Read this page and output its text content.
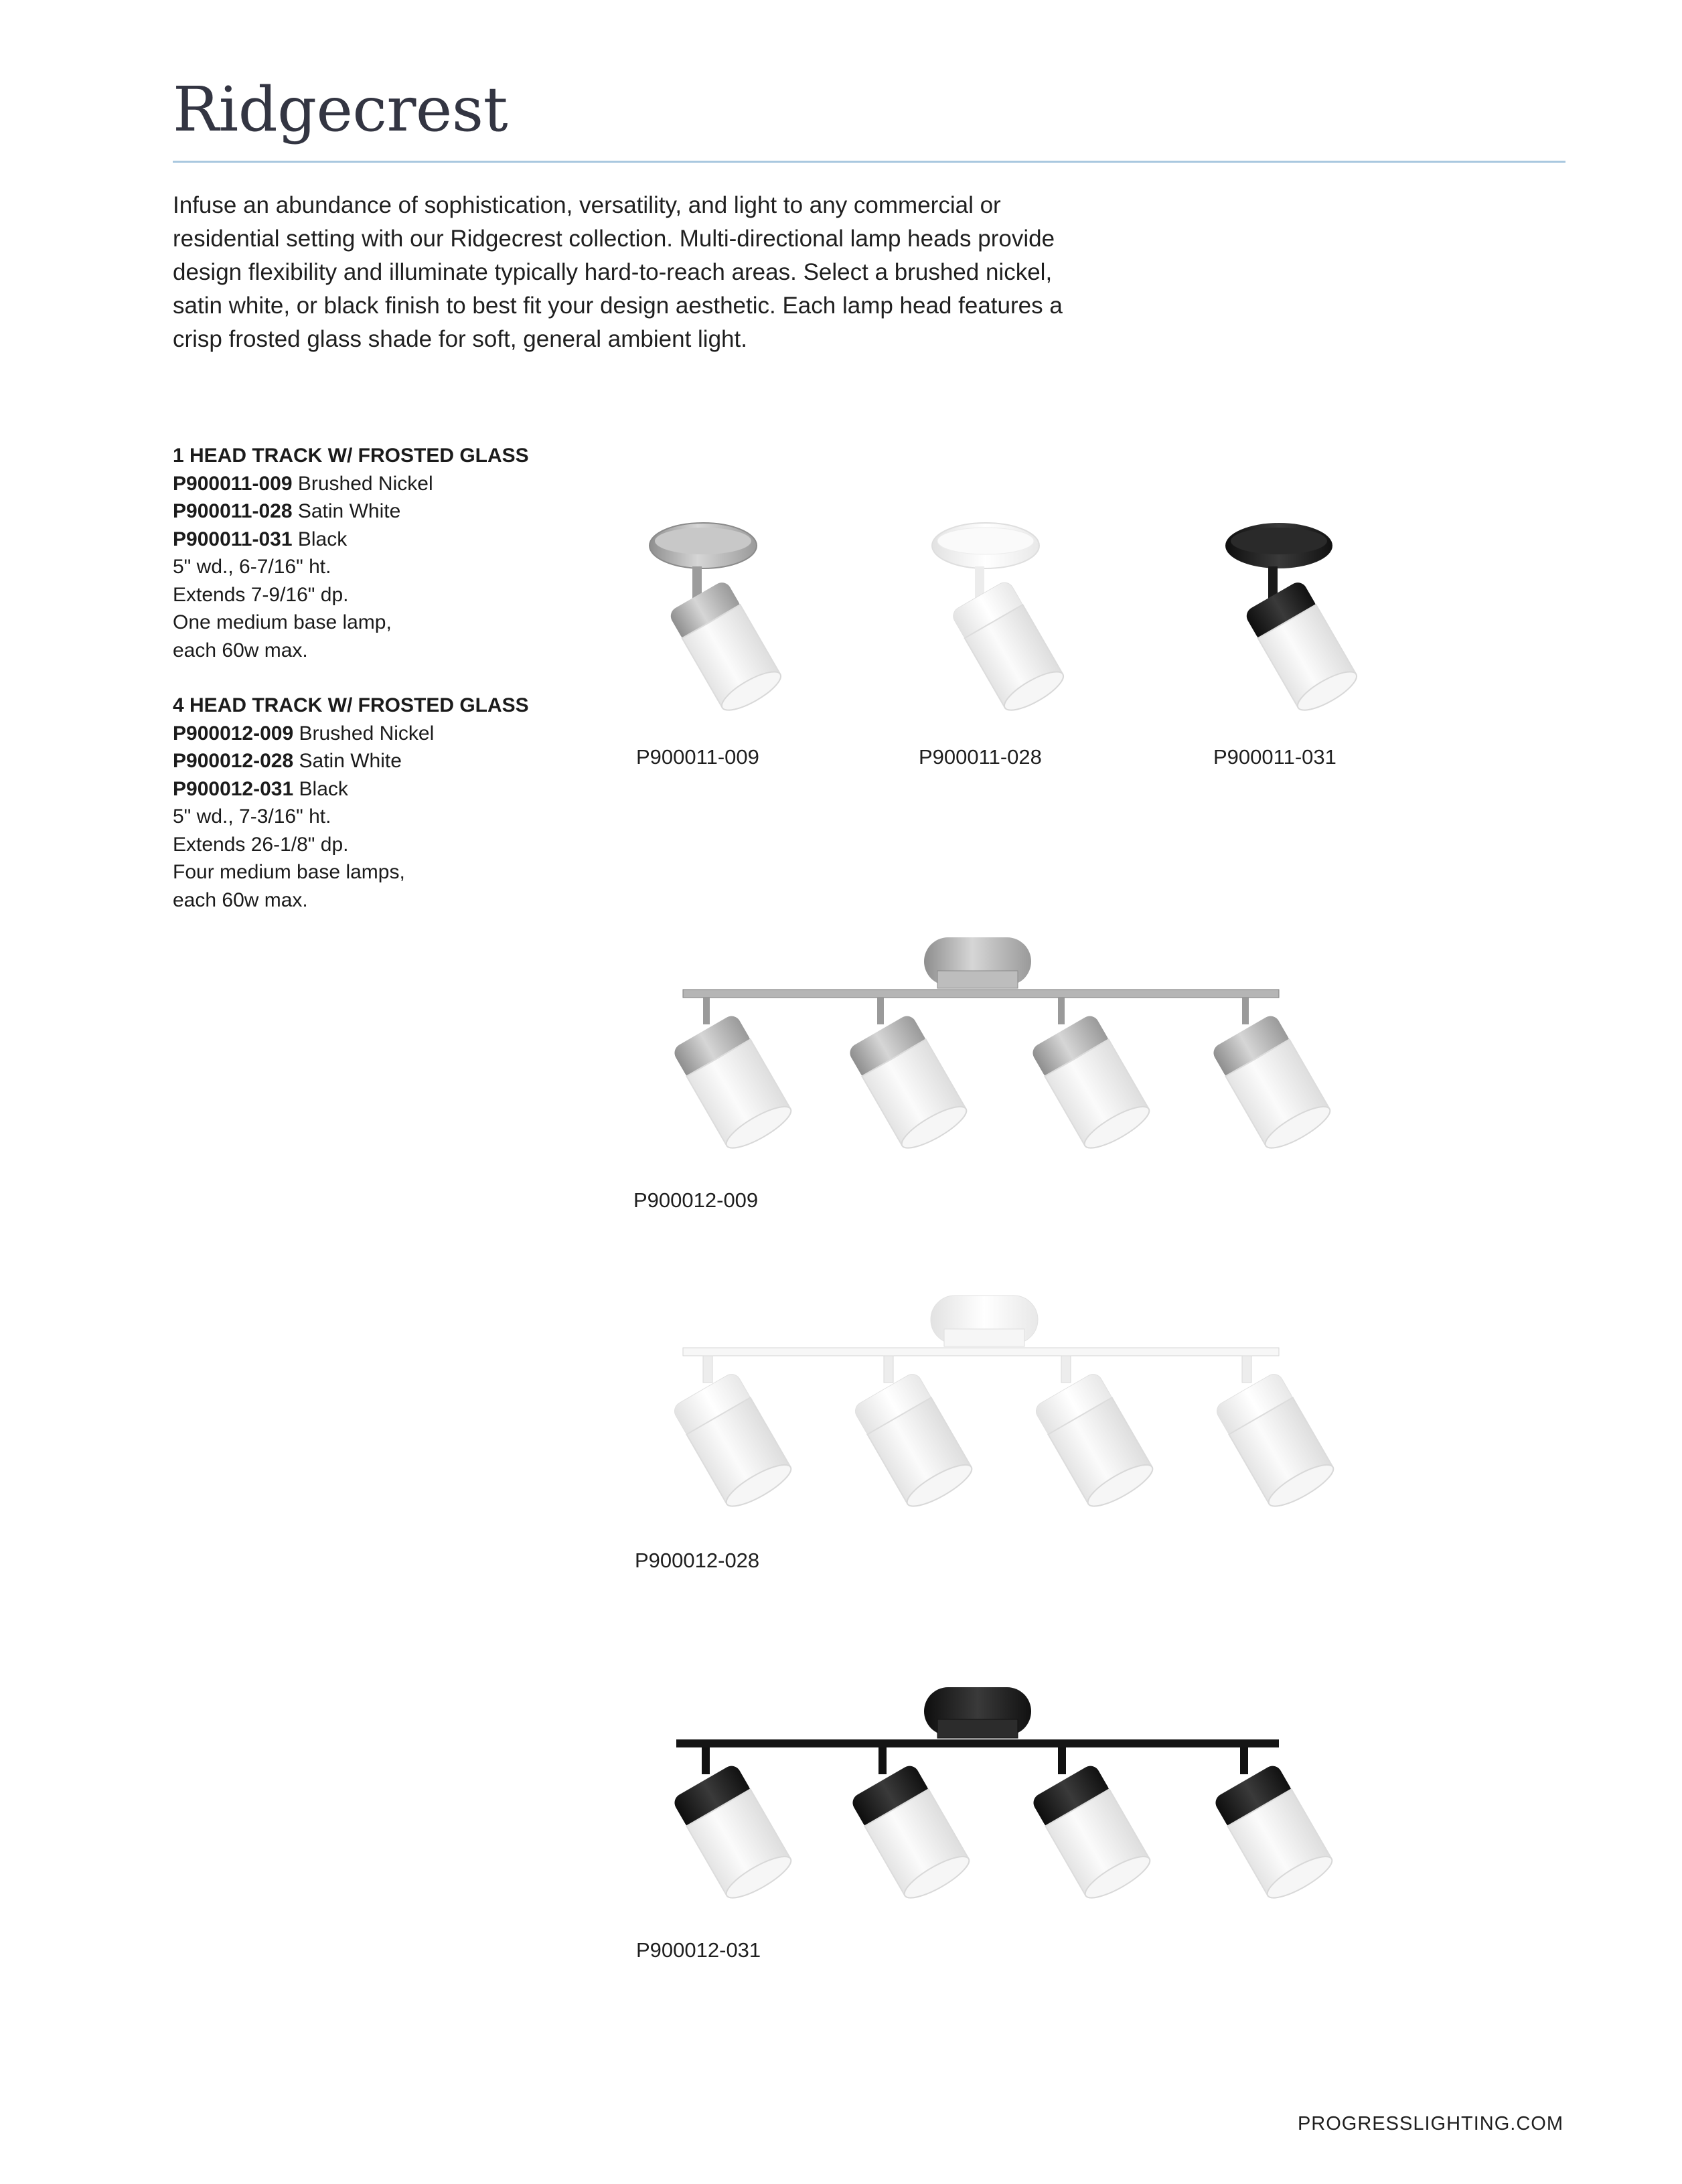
Ridgecrest

Infuse an abundance of sophistication, versatility, and light to any commercial or residential setting with our Ridgecrest collection. Multi-directional lamp heads provide design flexibility and illuminate typically hard-to-reach areas. Select a brushed nickel, satin white, or black finish to best fit your design aesthetic. Each lamp head features a crisp frosted glass shade for soft, general ambient light.

1 HEAD TRACK W/ FROSTED GLASS
P900011-009 Brushed Nickel
P900011-028 Satin White
P900011-031 Black
5" wd., 6-7/16" ht.
Extends 7-9/16" dp.
One medium base lamp,
each 60w max.
4 HEAD TRACK W/ FROSTED GLASS
P900012-009 Brushed Nickel
P900012-028 Satin White
P900012-031 Black
5" wd., 7-3/16" ht.
Extends 26-1/8" dp.
Four medium base lamps,
each 60w max.
P900011-009	P900011-028	P900011-031
P900012-009
P900012-028
P900012-031
PROGRESSLIGHTING.COM
